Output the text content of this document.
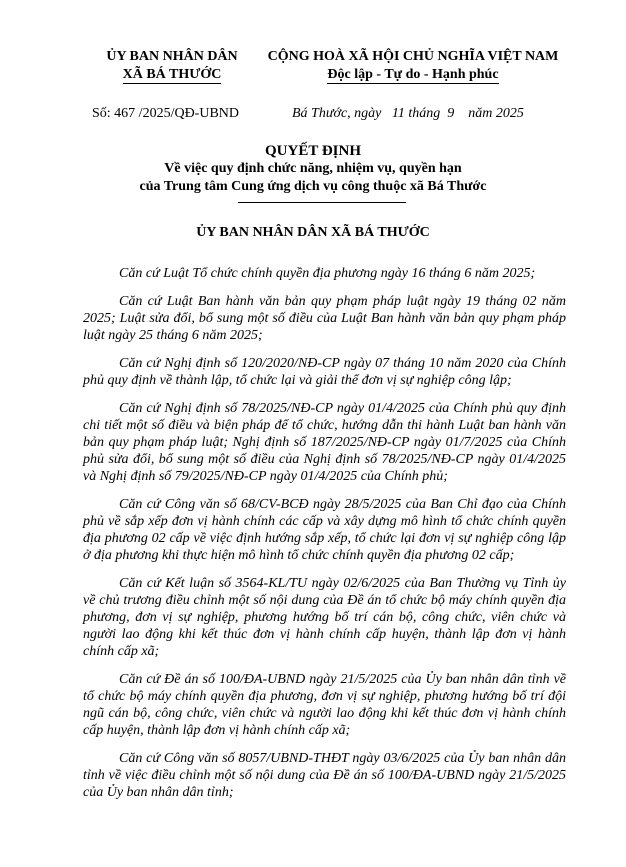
ỦY BAN NHÂN DÂN
XÃ BÁ THƯỚC
CỘNG HOÀ XÃ HỘI CHỦ NGHĨA VIỆT NAM
Độc lập - Tự do - Hạnh phúc
Số: 467 /2025/QĐ-UBND	Bá Thước, ngày   11 tháng  9    năm 2025
QUYẾT ĐỊNH
Về việc quy định chức năng, nhiệm vụ, quyền hạn
của Trung tâm Cung ứng dịch vụ công thuộc xã Bá Thước
ỦY BAN NHÂN DÂN XÃ BÁ THƯỚC

Căn cứ Luật Tổ chức chính quyền địa phương ngày 16 tháng 6 năm 2025;

Căn cứ Luật Ban hành văn bản quy phạm pháp luật ngày 19 tháng 02 năm 2025; Luật sửa đổi, bổ sung một số điều của Luật Ban hành văn bản quy phạm pháp luật ngày 25 tháng 6 năm 2025;

Căn cứ Nghị định số 120/2020/NĐ-CP ngày 07 tháng 10 năm 2020 của Chính phủ quy định về thành lập, tổ chức lại và giải thể đơn vị sự nghiệp công lập;

Căn cứ Nghị định số 78/2025/NĐ-CP ngày 01/4/2025 của Chính phủ quy định chi tiết một số điều và biện pháp để tổ chức, hướng dẫn thi hành Luật ban hành văn bản quy phạm pháp luật; Nghị định số 187/2025/NĐ-CP ngày 01/7/2025 của Chính phủ sửa đổi, bổ sung một số điều của Nghị định số 78/2025/NĐ-CP ngày 01/4/2025 và Nghị định số 79/2025/NĐ-CP ngày 01/4/2025 của Chính phủ;

Căn cứ Công văn số 68/CV-BCĐ ngày 28/5/2025 của Ban Chỉ đạo của Chính phủ về sắp xếp đơn vị hành chính các cấp và xây dựng mô hình tổ chức chính quyền địa phương 02 cấp về việc định hướng sắp xếp, tổ chức lại đơn vị sự nghiệp công lập ở địa phương khi thực hiện mô hình tổ chức chính quyền địa phương 02 cấp;

Căn cứ Kết luận số 3564-KL/TU ngày 02/6/2025 của Ban Thường vụ Tỉnh ủy về chủ trương điều chỉnh một số nội dung của Đề án tổ chức bộ máy chính quyền địa phương, đơn vị sự nghiệp, phương hướng bố trí cán bộ, công chức, viên chức và người lao động khi kết thúc đơn vị hành chính cấp huyện, thành lập đơn vị hành chính cấp xã;

Căn cứ Đề án số 100/ĐA-UBND ngày 21/5/2025 của Ủy ban nhân dân tỉnh về tổ chức bộ máy chính quyền địa phương, đơn vị sự nghiệp, phương hướng bố trí đội ngũ cán bộ, công chức, viên chức và người lao động khi kết thúc đơn vị hành chính cấp huyện, thành lập đơn vị hành chính cấp xã;

Căn cứ Công văn số 8057/UBND-THĐT ngày 03/6/2025 của Ủy ban nhân dân tỉnh về việc điều chỉnh một số nội dung của Đề án số 100/ĐA-UBND ngày 21/5/2025 của Ủy ban nhân dân tỉnh;
